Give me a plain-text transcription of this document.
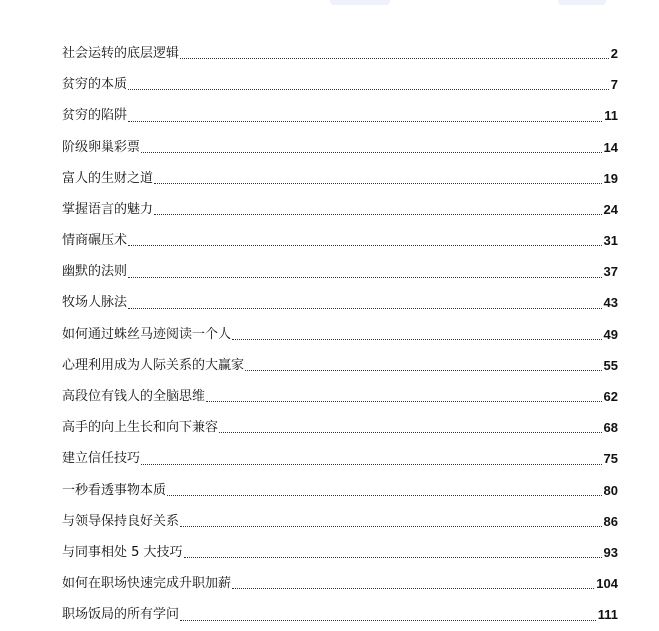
社会运转的底层逻辑	2
贫穷的本质	7
贫穷的陷阱	11
阶级卵巢彩票	14
富人的生财之道	19
掌握语言的魅力	24
情商碾压术	31
幽默的法则	37
牧场人脉法	43
如何通过蛛丝马迹阅读一个人	49
心理利用成为人际关系的大赢家	55
高段位有钱人的全脑思维	62
高手的向上生长和向下兼容	68
建立信任技巧	75
一秒看透事物本质	80
与领导保持良好关系	86
与同事相处 5 大技巧	93
如何在职场快速完成升职加薪	104
职场饭局的所有学问	111
